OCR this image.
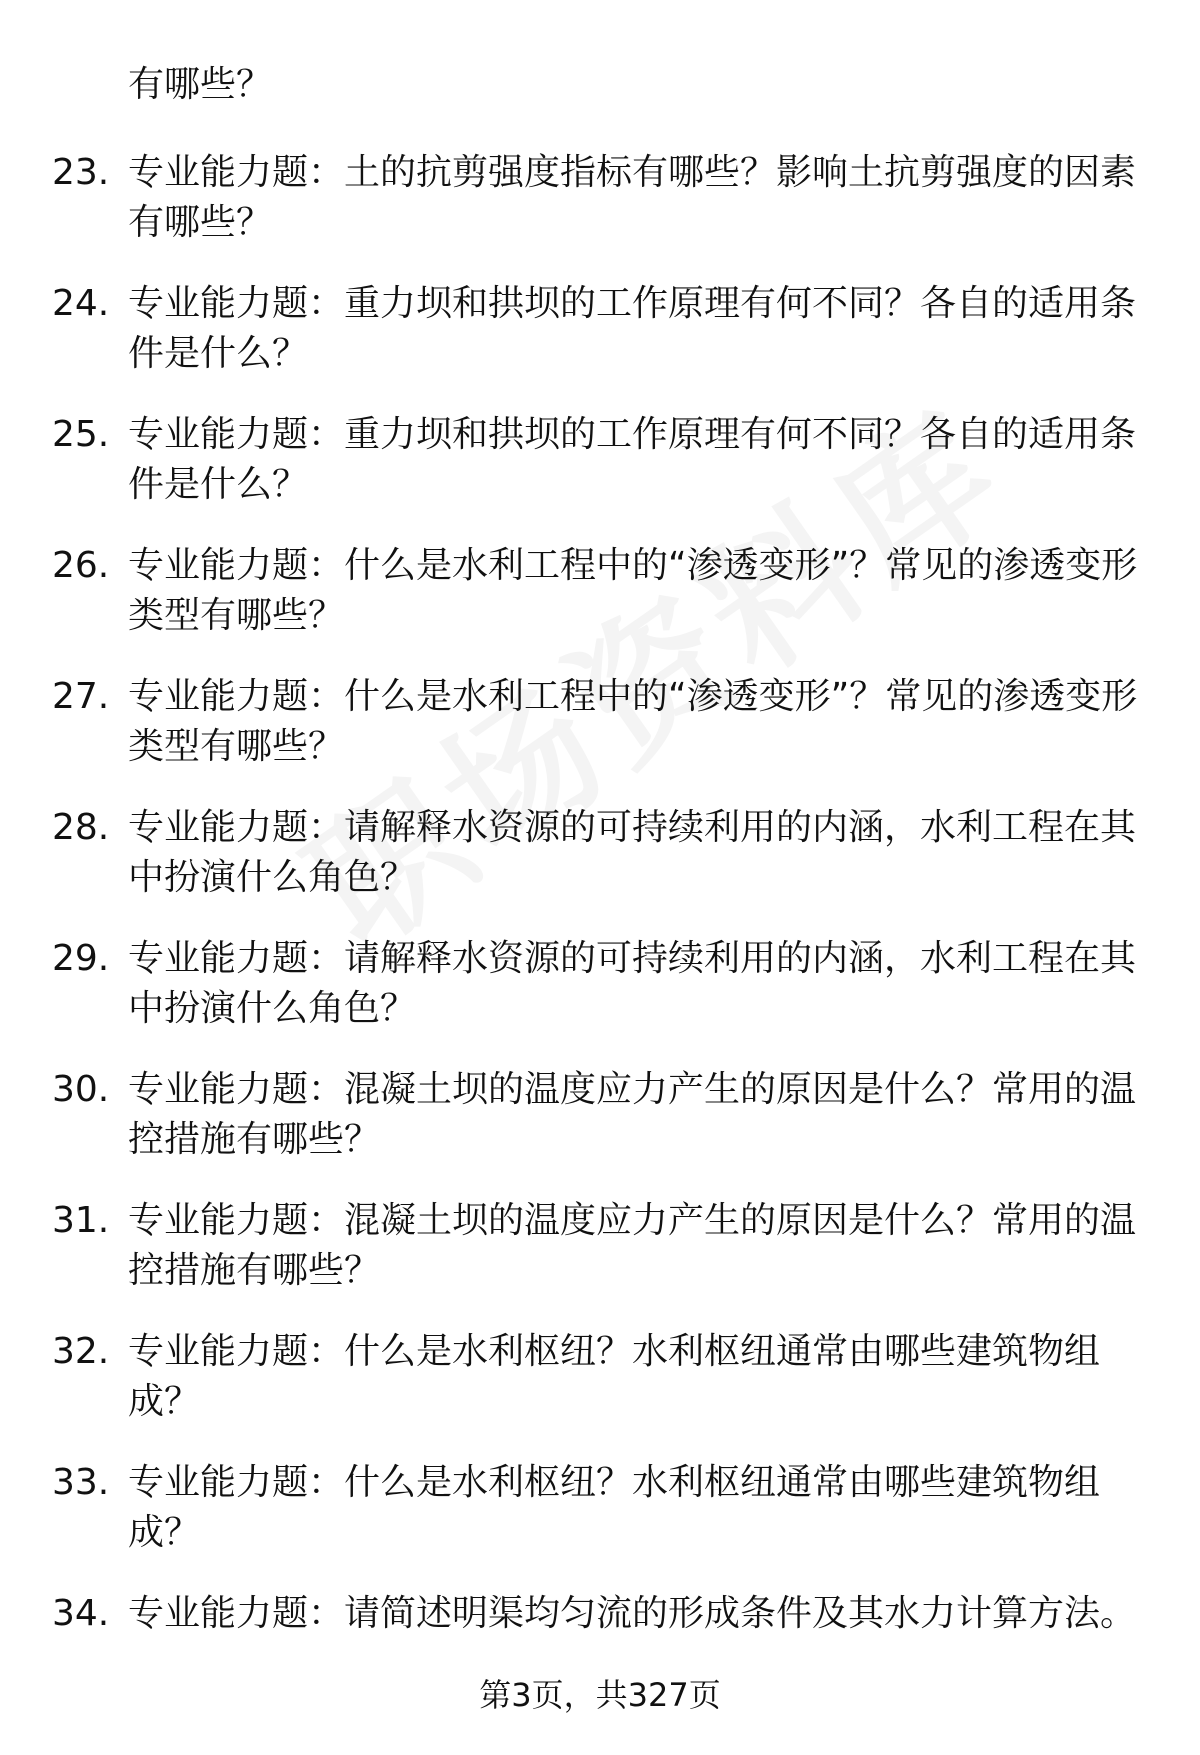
有哪些？
23. 专业能力题：土的抗剪强度指标有哪些？影响土抗剪强度的因素有哪些？
24. 专业能力题：重力坝和拱坝的工作原理有何不同？各自的适用条件是什么？
25. 专业能力题：重力坝和拱坝的工作原理有何不同？各自的适用条件是什么？
26. 专业能力题：什么是水利工程中的“渗透变形”？常见的渗透变形类型有哪些？
27. 专业能力题：什么是水利工程中的“渗透变形”？常见的渗透变形类型有哪些？
28. 专业能力题：请解释水资源的可持续利用的内涵，水利工程在其中扮演什么角色？
29. 专业能力题：请解释水资源的可持续利用的内涵，水利工程在其中扮演什么角色？
30. 专业能力题：混凝土坝的温度应力产生的原因是什么？常用的温控措施有哪些？
31. 专业能力题：混凝土坝的温度应力产生的原因是什么？常用的温控措施有哪些？
32. 专业能力题：什么是水利枢纽？水利枢纽通常由哪些建筑物组成？
33. 专业能力题：什么是水利枢纽？水利枢纽通常由哪些建筑物组成？
34. 专业能力题：请简述明渠均匀流的形成条件及其水力计算方法。
第3页，共327页
